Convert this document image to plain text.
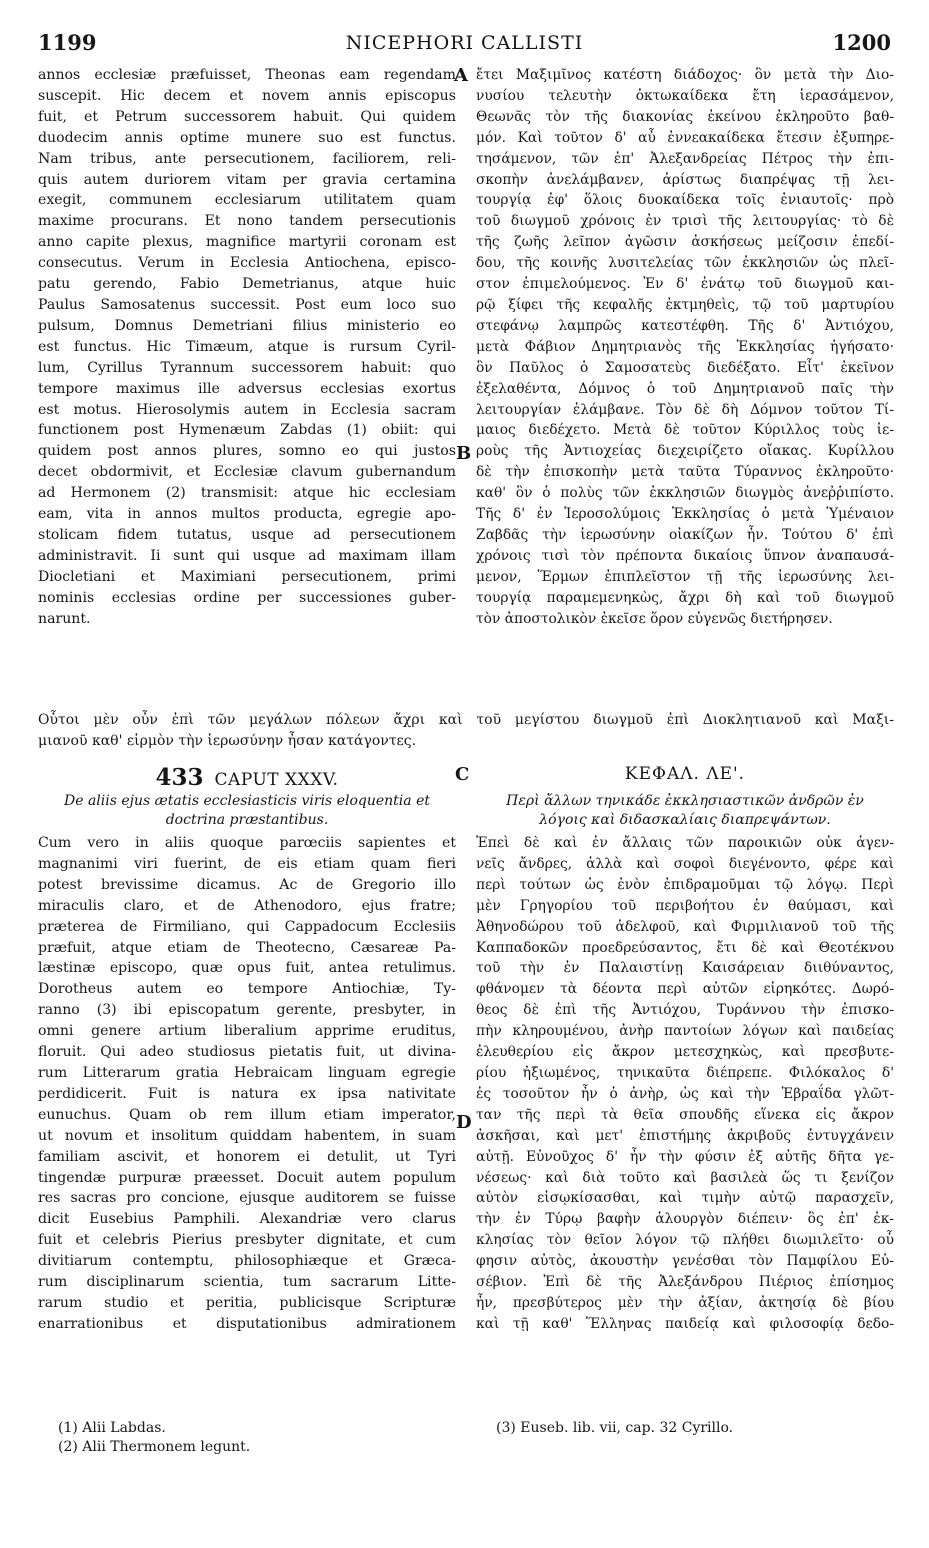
1199	NICEPHORI CALLISTI	1200
A
B
C
D
annos ecclesiæ præfuisset, Theonas eam regendam
suscepit. Hic decem et novem annis episcopus
fuit, et Petrum successorem habuit. Qui quidem
duodecim annis optime munere suo est functus.
Nam tribus, ante persecutionem, faciliorem, reli-
quis autem duriorem vitam per gravia certamina
exegit, communem ecclesiarum utilitatem quam
maxime procurans. Et nono tandem persecutionis
anno capite plexus, magnifice martyrii coronam est
consecutus. Verum in Ecclesia Antiochena, episco-
patu gerendo, Fabio Demetrianus, atque huic
Paulus Samosatenus successit. Post eum loco suo
pulsum, Domnus Demetriani filius ministerio eo
est functus. Hic Timæum, atque is rursum Cyril-
lum, Cyrillus Tyrannum successorem habuit: quo
tempore maximus ille adversus ecclesias exortus
est motus. Hierosolymis autem in Ecclesia sacram
functionem post Hymenæum Zabdas (1) obiit: qui
quidem post annos plures, somno eo qui justos
decet obdormivit, et Ecclesiæ clavum gubernandum
ad Hermonem (2) transmisit: atque hic ecclesiam
eam, vita in annos multos producta, egregie apo-
stolicam fidem tutatus, usque ad persecutionem
administravit. Ii sunt qui usque ad maximam illam
Diocletiani et Maximiani persecutionem, primi
nominis ecclesias ordine per successiones guber-
narunt.
ἔτει Μαξιμῖνος κατέστη διάδοχος· ὃν μετὰ τὴν Διο-
νυσίου τελευτὴν ὀκτωκαίδεκα ἔτη ἱερασάμενον,
Θεωνᾶς τὸν τῆς διακονίας ἐκείνου ἐκληροῦτο βαθ-
μόν. Καὶ τοῦτον δ' αὖ ἐννεακαίδεκα ἔτεσιν ἐξυπηρε-
τησάμενον, τῶν ἐπ' Ἀλεξανδρείας Πέτρος τὴν ἐπι-
σκοπὴν ἀνελάμβανεν, ἀρίστως διαπρέψας τῇ λει-
τουργίᾳ ἐφ' ὅλοις δυοκαίδεκα τοῖς ἐνιαυτοῖς· πρὸ
τοῦ διωγμοῦ χρόνοις ἐν τρισὶ τῆς λειτουργίας· τὸ δὲ
τῆς ζωῆς λεῖπον ἀγῶσιν ἀσκήσεως μείζοσιν ἐπεδί-
δου, τῆς κοινῆς λυσιτελείας τῶν ἐκκλησιῶν ὡς πλεῖ-
στον ἐπιμελούμενος. Ἐν δ' ἐνάτῳ τοῦ διωγμοῦ και-
ρῷ ξίφει τῆς κεφαλῆς ἐκτμηθεὶς, τῷ τοῦ μαρτυρίου
στεφάνῳ λαμπρῶς κατεστέφθη. Τῆς δ' Ἀντιόχου,
μετὰ Φάβιον Δημητριανὸς τῆς Ἐκκλησίας ἡγήσατο·
ὃν Παῦλος ὁ Σαμοσατεὺς διεδέξατο. Εἶτ' ἐκεῖνον
ἐξελαθέντα, Δόμνος ὁ τοῦ Δημητριανοῦ παῖς τὴν
λειτουργίαν ἐλάμβανε. Τὸν δὲ δὴ Δόμνον τοῦτον Τί-
μαιος διεδέχετο. Μετὰ δὲ τοῦτον Κύριλλος τοὺς ἱε-
ροὺς τῆς Ἀντιοχείας διεχειρίζετο οἴακας. Κυρίλλου
δὲ τὴν ἐπισκοπὴν μετὰ ταῦτα Τύραννος ἐκληροῦτο·
καθ' ὃν ὁ πολὺς τῶν ἐκκλησιῶν διωγμὸς ἀνεῤῥιπίστο.
Τῆς δ' ἐν Ἱεροσολύμοις Ἐκκλησίας ὁ μετὰ Ὑμέναιον
Ζαβδᾶς τὴν ἱερωσύνην οἰακίζων ἦν. Τούτου δ' ἐπὶ
χρόνοις τισὶ τὸν πρέποντα δικαίοις ὕπνον ἀναπαυσά-
μενον, Ἕρμων ἐπιπλεῖστον τῇ τῆς ἱερωσύνης λει-
τουργίᾳ παραμεμενηκὼς, ἄχρι δὴ καὶ τοῦ διωγμοῦ
τὸν ἀποστολικὸν ἐκεῖσε ὅρον εὐγενῶς διετήρησεν.
Οὗτοι μὲν οὖν ἐπὶ τῶν μεγάλων πόλεων ἄχρι καὶ τοῦ μεγίστου διωγμοῦ ἐπὶ Διοκλητιανοῦ καὶ Μαξι-
μιανοῦ καθ' εἱρμὸν τὴν ἱερωσύνην ἦσαν κατάγοντες.
433 CAPUT XXXV.	ΚΕΦΑΛ. ΛΕ'.
De aliis ejus ætatis ecclesiasticis viris eloquentia et
doctrina præstantibus.
Περὶ ἄλλων τηνικάδε ἐκκλησιαστικῶν ἀνδρῶν ἐν
λόγοις καὶ διδασκαλίαις διαπρεψάντων.
Cum vero in aliis quoque parœciis sapientes et
magnanimi viri fuerint, de eis etiam quam fieri
potest brevissime dicamus. Ac de Gregorio illo
miraculis claro, et de Athenodoro, ejus fratre;
præterea de Firmiliano, qui Cappadocum Ecclesiis
præfuit, atque etiam de Theotecno, Cæsareæ Pa-
læstinæ episcopo, quæ opus fuit, antea retulimus.
Dorotheus autem eo tempore Antiochiæ, Ty-
ranno (3) ibi episcopatum gerente, presbyter, in
omni genere artium liberalium apprime eruditus,
floruit. Qui adeo studiosus pietatis fuit, ut divina-
rum Litterarum gratia Hebraicam linguam egregie
perdidicerit. Fuit is natura ex ipsa nativitate
eunuchus. Quam ob rem illum etiam imperator,
ut novum et insolitum quiddam habentem, in suam
familiam ascivit, et honorem ei detulit, ut Tyri
tingendæ purpuræ præesset. Docuit autem populum
res sacras pro concione, ejusque auditorem se fuisse
dicit Eusebius Pamphili. Alexandriæ vero clarus
fuit et celebris Pierius presbyter dignitate, et cum
divitiarum contemptu, philosophiæque et Græca-
rum disciplinarum scientia, tum sacrarum Litte-
rarum studio et peritia, publicisque Scripturæ
enarrationibus et disputationibus admirationem
Ἐπεὶ δὲ καὶ ἐν ἄλλαις τῶν παροικιῶν οὐκ ἀγεν-
νεῖς ἄνδρες, ἀλλὰ καὶ σοφοὶ διεγένοντο, φέρε καὶ
περὶ τούτων ὡς ἐνὸν ἐπιδραμοῦμαι τῷ λόγῳ. Περὶ
μὲν Γρηγορίου τοῦ περιβοήτου ἐν θαύμασι, καὶ
Ἀθηνοδώρου τοῦ ἀδελφοῦ, καὶ Φιρμιλιανοῦ τοῦ τῆς
Καππαδοκῶν προεδρεύσαντος, ἔτι δὲ καὶ Θεοτέκνου
τοῦ τὴν ἐν Παλαιστίνῃ Καισάρειαν διιθύναντος,
φθάνομεν τὰ δέοντα περὶ αὐτῶν εἰρηκότες. Δωρό-
θεος δὲ ἐπὶ τῆς Ἀντιόχου, Τυράννου τὴν ἐπισκο-
πὴν κληρουμένου, ἀνὴρ παντοίων λόγων καὶ παιδείας
ἐλευθερίου εἰς ἄκρον μετεσχηκὼς, καὶ πρεσβυτε-
ρίου ἠξιωμένος, τηνικαῦτα διέπρεπε. Φιλόκαλος δ'
ἐς τοσοῦτον ἦν ὁ ἀνὴρ, ὡς καὶ τὴν Ἑβραΐδα γλῶτ-
ταν τῆς περὶ τὰ θεῖα σπουδῆς εἵνεκα εἰς ἄκρον
ἀσκῆσαι, καὶ μετ' ἐπιστήμης ἀκριβοῦς ἐντυγχάνειν
αὐτῇ. Εὐνοῦχος δ' ἦν τὴν φύσιν ἐξ αὐτῆς δῆτα γε-
νέσεως· καὶ διὰ τοῦτο καὶ βασιλεὰ ὥς τι ξενίζον
αὐτὸν εἰσῳκίσασθαι, καὶ τιμὴν αὐτῷ παρασχεῖν,
τὴν ἐν Τύρῳ βαφὴν ἁλουργὸν διέπειν· ὃς ἐπ' ἐκ-
κλησίας τὸν θεῖον λόγον τῷ πλήθει διωμιλεῖτο· οὗ
φησιν αὐτὸς, ἀκουστὴν γενέσθαι τὸν Παμφίλου Εὐ-
σέβιον. Ἐπὶ δὲ τῆς Ἀλεξάνδρου Πιέριος ἐπίσημος
ἦν, πρεσβύτερος μὲν τὴν ἀξίαν, ἀκτησίᾳ δὲ βίου
καὶ τῇ καθ' Ἕλληνας παιδείᾳ καὶ φιλοσοφίᾳ δεδο-
(1) Alii Labdas.
(2) Alii Thermonem legunt.
(3) Euseb. lib. vii, cap. 32 Cyrillo.
